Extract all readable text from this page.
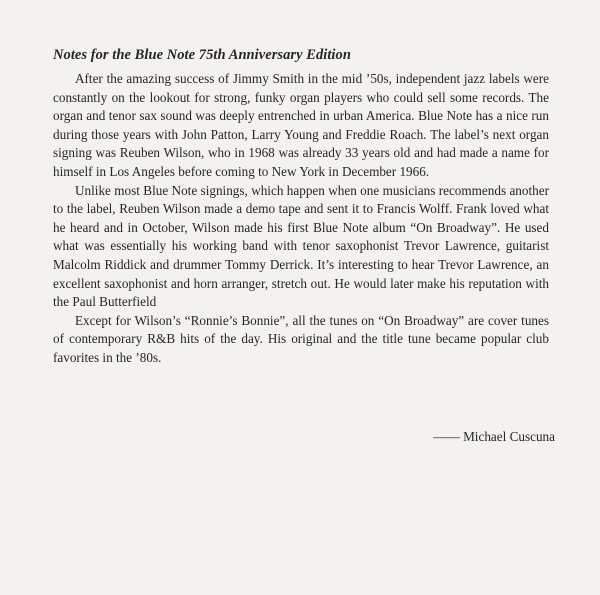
Notes for the Blue Note 75th Anniversary Edition

After the amazing success of Jimmy Smith in the mid ’50s, independent jazz labels were constantly on the lookout for strong, funky organ players who could sell some records. The organ and tenor sax sound was deeply entrenched in urban America. Blue Note has a nice run during those years with John Patton, Larry Young and Freddie Roach. The label’s next organ signing was Reuben Wilson, who in 1968 was already 33 years old and had made a name for himself in Los Angeles before coming to New York in December 1966.

Unlike most Blue Note signings, which happen when one musicians recommends another to the label, Reuben Wilson made a demo tape and sent it to Francis Wolff. Frank loved what he heard and in October, Wilson made his first Blue Note album “On Broadway”. He used what was essentially his working band with tenor saxophonist Trevor Lawrence, guitarist Malcolm Riddick and drummer Tommy Derrick. It’s interesting to hear Trevor Lawrence, an excellent saxophonist and horn arranger, stretch out. He would later make his reputation with the Paul Butterfield

Except for Wilson’s “Ronnie’s Bonnie”, all the tunes on “On Broadway” are cover tunes of contemporary R&B hits of the day. His original and the title tune became popular club favorites in the ’80s.

—— Michael Cuscuna
